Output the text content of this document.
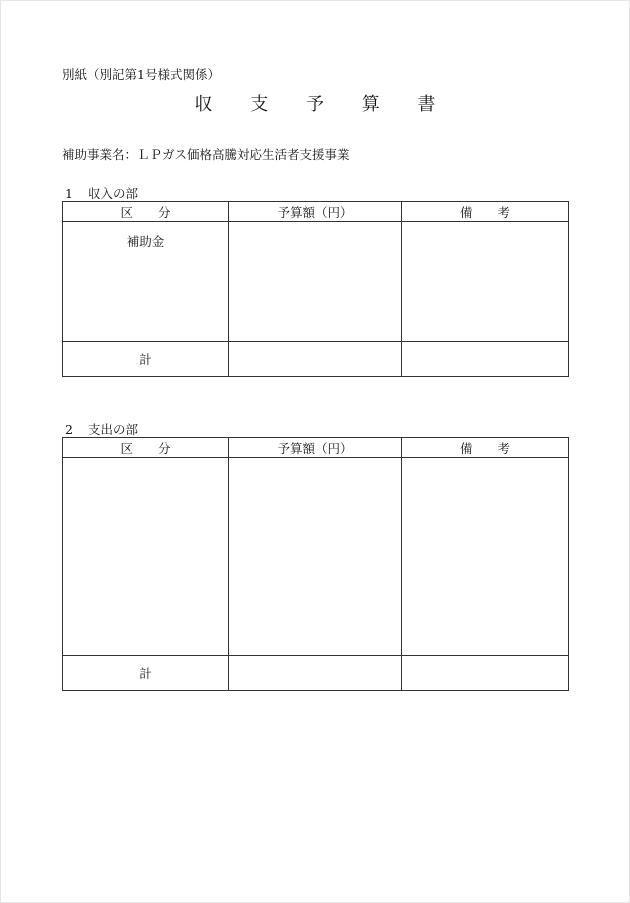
別紙（別記第1号様式関係）
収 支 予 算 書
補助事業名：ＬＰガス価格高騰対応生活者支援事業
1 収入の部
区　　分	予算額（円）	備　　考

補助金		

計		
2 支出の部
区　　分	予算額（円）	備　　考

計		
